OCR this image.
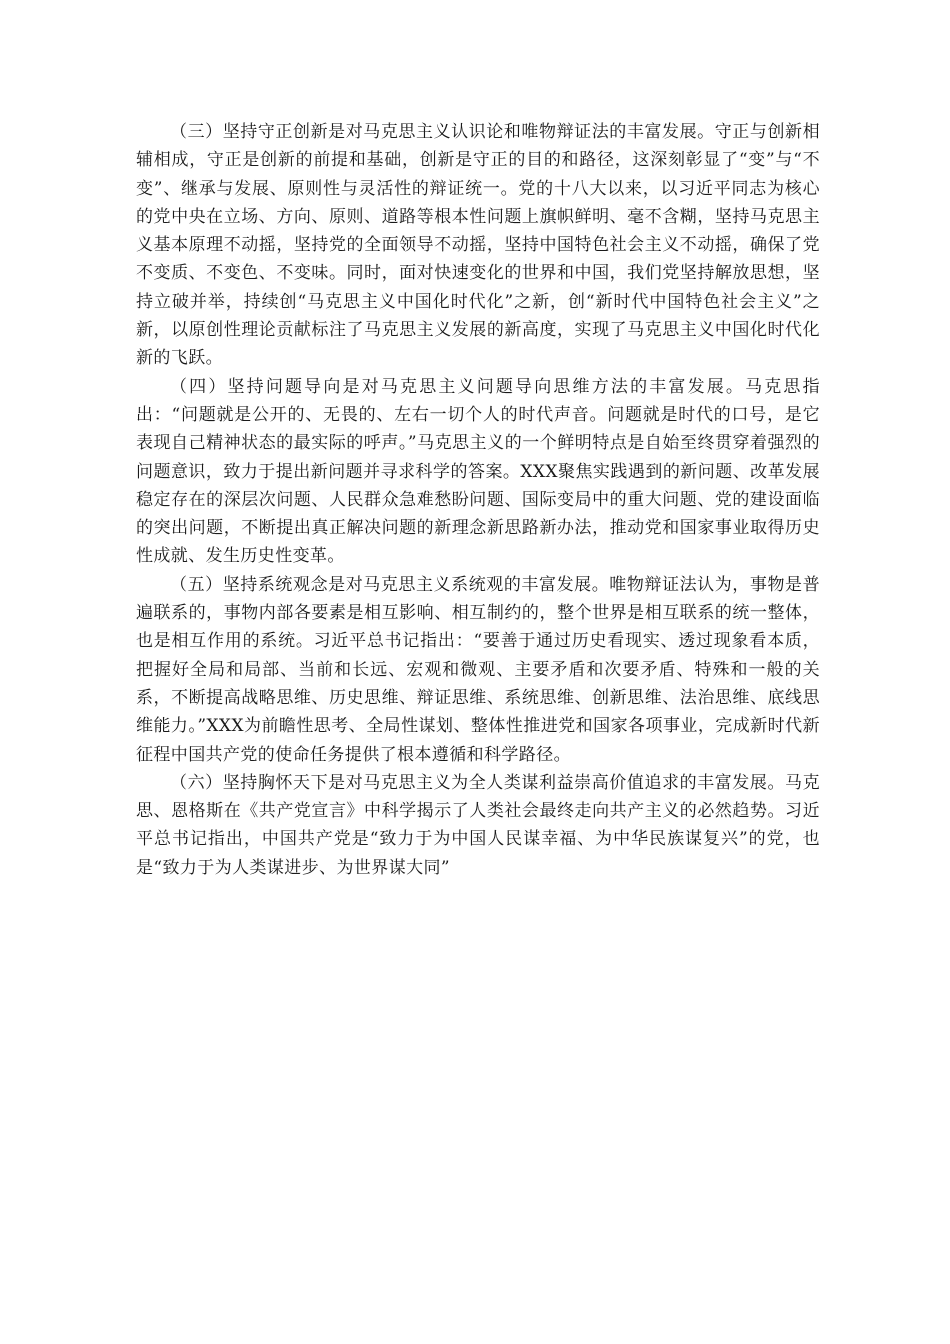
（三）坚持守正创新是对马克思主义认识论和唯物辩证法的丰富发展。守正与创新相辅相成，守正是创新的前提和基础，创新是守正的目的和路径，这深刻彰显了“变”与“不变”、继承与发展、原则性与灵活性的辩证统一。党的十八大以来，以习近平同志为核心的党中央在立场、方向、原则、道路等根本性问题上旗帜鲜明、毫不含糊，坚持马克思主义基本原理不动摇，坚持党的全面领导不动摇，坚持中国特色社会主义不动摇，确保了党不变质、不变色、不变味。同时，面对快速变化的世界和中国，我们党坚持解放思想，坚持立破并举，持续创“马克思主义中国化时代化”之新，创“新时代中国特色社会主义”之新，以原创性理论贡献标注了马克思主义发展的新高度，实现了马克思主义中国化时代化新的飞跃。

（四）坚持问题导向是对马克思主义问题导向思维方法的丰富发展。马克思指出：“问题就是公开的、无畏的、左右一切个人的时代声音。问题就是时代的口号，是它表现自己精神状态的最实际的呼声。”马克思主义的一个鲜明特点是自始至终贯穿着强烈的问题意识，致力于提出新问题并寻求科学的答案。XXX聚焦实践遇到的新问题、改革发展稳定存在的深层次问题、人民群众急难愁盼问题、国际变局中的重大问题、党的建设面临的突出问题，不断提出真正解决问题的新理念新思路新办法，推动党和国家事业取得历史性成就、发生历史性变革。

（五）坚持系统观念是对马克思主义系统观的丰富发展。唯物辩证法认为，事物是普遍联系的，事物内部各要素是相互影响、相互制约的，整个世界是相互联系的统一整体，也是相互作用的系统。习近平总书记指出：“要善于通过历史看现实、透过现象看本质，把握好全局和局部、当前和长远、宏观和微观、主要矛盾和次要矛盾、特殊和一般的关系，不断提高战略思维、历史思维、辩证思维、系统思维、创新思维、法治思维、底线思维能力。”XXX为前瞻性思考、全局性谋划、整体性推进党和国家各项事业，完成新时代新征程中国共产党的使命任务提供了根本遵循和科学路径。

（六）坚持胸怀天下是对马克思主义为全人类谋利益崇高价值追求的丰富发展。马克思、恩格斯在《共产党宣言》中科学揭示了人类社会最终走向共产主义的必然趋势。习近平总书记指出，中国共产党是“致力于为中国人民谋幸福、为中华民族谋复兴”的党，也是“致力于为人类谋进步、为世界谋大同”
